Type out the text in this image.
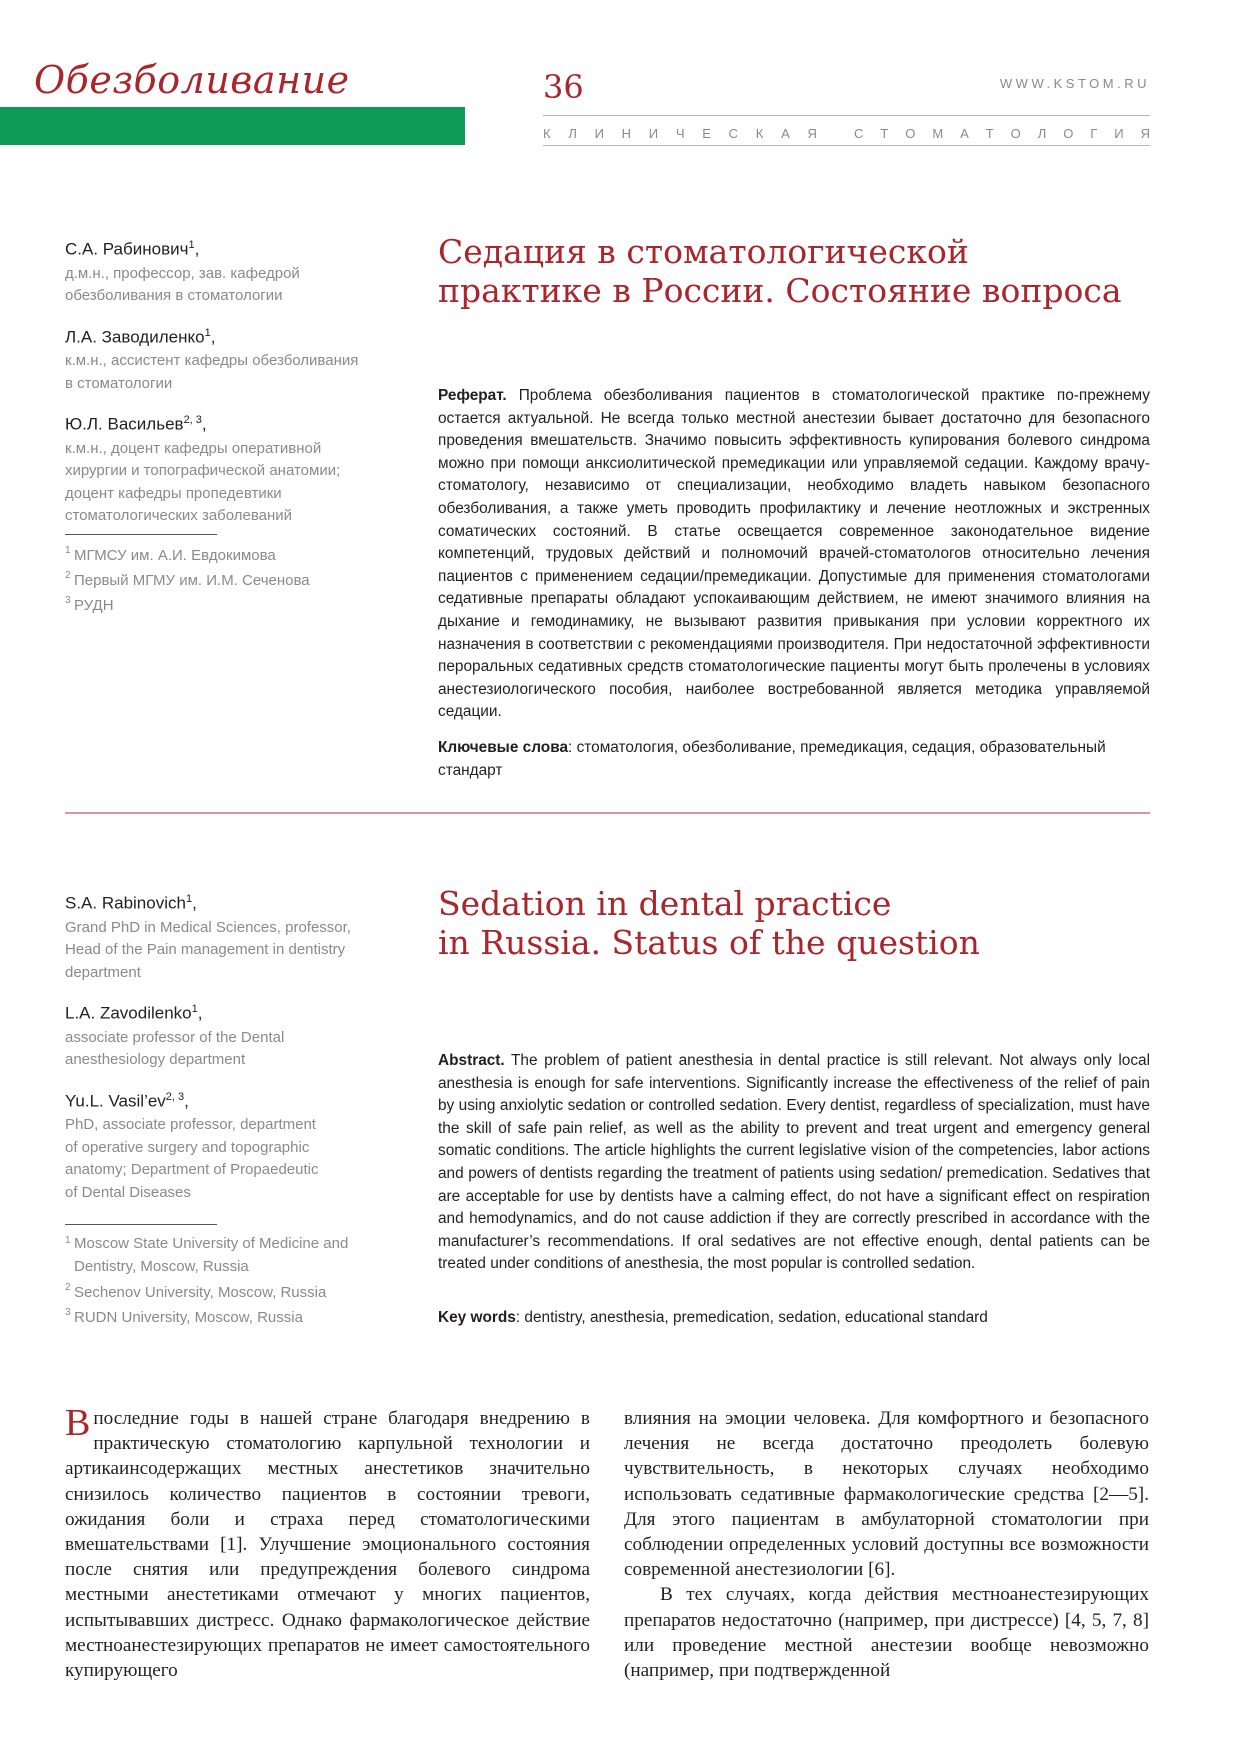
Обезболивание	36	WWW.KSTOM.RU
К Л И Н И Ч Е С К А Я	С Т О М А Т О Л О Г И Я
С.А. Рабинович$^1$,
д.м.н., профессор, зав. кафедрой
обезболивания в стоматологии
Л.А. Заводиленко$^1$,
к.м.н., ассистент кафедры обезболивания
в стоматологии
Ю.Л. Васильев$^{2, 3}$,
к.м.н., доцент кафедры оперативной
хирургии и топографической анатомии;
доцент кафедры пропедевтики
стоматологических заболеваний
1 МГМСУ им. А.И. Евдокимова
2 Первый МГМУ им. И.М. Сеченова
3 РУДН
Седация в стоматологической
практике в России. Состояние вопроса
Реферат. Проблема обезболивания пациентов в стоматологической практике по-прежнему остается актуальной. Не всегда только местной анестезии бывает достаточно для безопасного проведения вмешательств. Значимо повысить эффективность купирования болевого синдрома можно при помощи анксиолитической премедикации или управляемой седации. Каждому врачу-стоматологу, независимо от специализации, необходимо владеть навыком безопасного обезболивания, а также уметь проводить профилактику и лечение неотложных и экстренных соматических состояний. В статье освещается современное законодательное видение компетенций, трудовых действий и полномочий врачей-стоматологов относительно лечения пациентов с применением седации/премедикации. Допустимые для применения стоматологами седативные препараты обладают успокаивающим действием, не имеют значимого влияния на дыхание и гемодинамику, не вызывают развития привыкания при условии корректного их назначения в соответствии с рекомендациями производителя. При недостаточной эффективности пероральных седативных средств стоматологические пациенты могут быть пролечены в условиях анестезиологического пособия, наиболее востребованной является методика управляемой седации.
Ключевые слова: стоматология, обезболивание, премедикация, седация, образовательный стандарт
S.A. Rabinovich$^1$,
Grand PhD in Medical Sciences, professor,
Head of the Pain management in dentistry
department
L.A. Zavodilenko$^1$,
associate professor of the Dental
anesthesiology department
Yu.L. Vasil’ev$^{2, 3}$,
PhD, associate professor, department
of operative surgery and topographic
anatomy; Department of Propaedeutic
of Dental Diseases
1 Moscow State University of Medicine and Dentistry, Moscow, Russia
2 Sechenov University, Moscow, Russia
3 RUDN University, Moscow, Russia
Sedation in dental practice
in Russia. Status of the question
Abstract. The problem of patient anesthesia in dental practice is still relevant. Not always only local anesthesia is enough for safe interventions. Significantly increase the effectiveness of the relief of pain by using anxiolytic sedation or controlled sedation. Every dentist, regardless of specialization, must have the skill of safe pain relief, as well as the ability to prevent and treat urgent and emergency general somatic conditions. The article highlights the current legislative vision of the competencies, labor actions and powers of dentists regarding the treatment of patients using sedation/ premedication. Sedatives that are acceptable for use by dentists have a calming effect, do not have a significant effect on respiration and hemodynamics, and do not cause addiction if they are correctly prescribed in accordance with the manufacturer’s recommendations. If oral sedatives are not effective enough, dental patients can be treated under conditions of anesthesia, the most popular is controlled sedation.
Key words: dentistry, anesthesia, premedication, sedation, educational standard
В последние годы в нашей стране благодаря внедрению в практическую стоматологию карпульной технологии и артикаинсодержащих местных анестетиков значительно снизилось количество пациентов в состоянии тревоги, ожидания боли и страха перед стоматологическими вмешательствами [1]. Улучшение эмоционального состояния после снятия или предупреждения болевого синдрома местными анестетиками отмечают у многих пациентов, испытывавших дистресс. Однако фармакологическое действие местноанестезирующих препаратов не имеет самостоятельного купирующего

влияния на эмоции человека. Для комфортного и безопасного лечения не всегда достаточно преодолеть болевую чувствительность, в некоторых случаях необходимо использовать седативные фармакологические средства [2—5]. Для этого пациентам в амбулаторной стоматологии при соблюдении определенных условий доступны все возможности современной анестезиологии [6].

В тех случаях, когда действия местноанестезирующих препаратов недостаточно (например, при дистрессе) [4, 5, 7, 8] или проведение местной анестезии вообще невозможно (например, при подтвержденной
